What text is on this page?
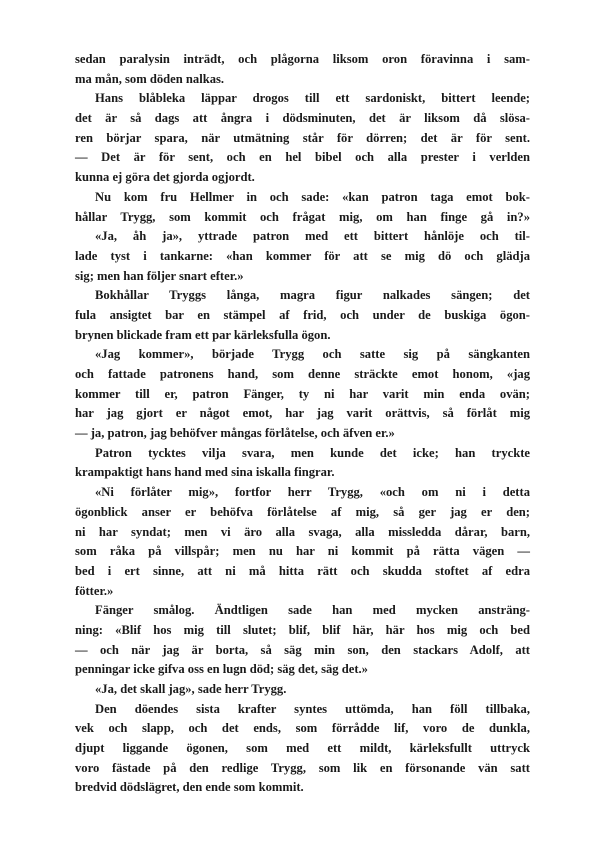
sedan paralysin inträdt, och plågorna liksom oron föravinna i sam-
ma mån, som döden nalkas.
Hans blåbleka läppar drogos till ett sardoniskt, bittert leende;
det är så dags att ångra i dödsminuten, det är liksom då slösa-
ren börjar spara, när utmätning står för dörren; det är för sent.
— Det är för sent, och en hel bibel och alla prester i verlden
kunna ej göra det gjorda ogjordt.
Nu kom fru Hellmer in och sade: «kan patron taga emot bok-
hållar Trygg, som kommit och frågat mig, om han finge gå in?»
«Ja, åh ja», yttrade patron med ett bittert hånlöje och til-
lade tyst i tankarne: «han kommer för att se mig dö och glädja
sig; men han följer snart efter.»
Bokhållar Tryggs långa, magra figur nalkades sängen; det
fula ansigtet bar en stämpel af frid, och under de buskiga ögon-
brynen blickade fram ett par kärleksfulla ögon.
«Jag kommer», började Trygg och satte sig på sängkanten
och fattade patronens hand, som denne sträckte emot honom, «jag
kommer till er, patron Fänger, ty ni har varit min enda ovän;
har jag gjort er något emot, har jag varit orättvis, så förlåt mig
— ja, patron, jag behöfver mångas förlåtelse, och äfven er.»
Patron tycktes vilja svara, men kunde det icke; han tryckte
krampaktigt hans hand med sina iskalla fingrar.
«Ni förlåter mig», fortfor herr Trygg, «och om ni i detta
ögonblick anser er behöfva förlåtelse af mig, så ger jag er den;
ni har syndat; men vi äro alla svaga, alla missledda dårar, barn,
som råka på villspår; men nu har ni kommit på rätta vägen —
bed i ert sinne, att ni må hitta rätt och skudda stoftet af edra
fötter.»
Fänger smålog. Ändtligen sade han med mycken ansträng-
ning: «Blif hos mig till slutet; blif, blif här, här hos mig och bed
— och när jag är borta, så säg min son, den stackars Adolf, att
penningar icke gifva oss en lugn död; säg det, säg det.»
«Ja, det skall jag», sade herr Trygg.
Den döendes sista krafter syntes uttömda, han föll tillbaka,
vek och slapp, och det ends, som förrådde lif, voro de dunkla,
djupt liggande ögonen, som med ett mildt, kärleksfullt uttryck
voro fästade på den redlige Trygg, som lik en försonande vän satt
bredvid dödslägret, den ende som kommit.
